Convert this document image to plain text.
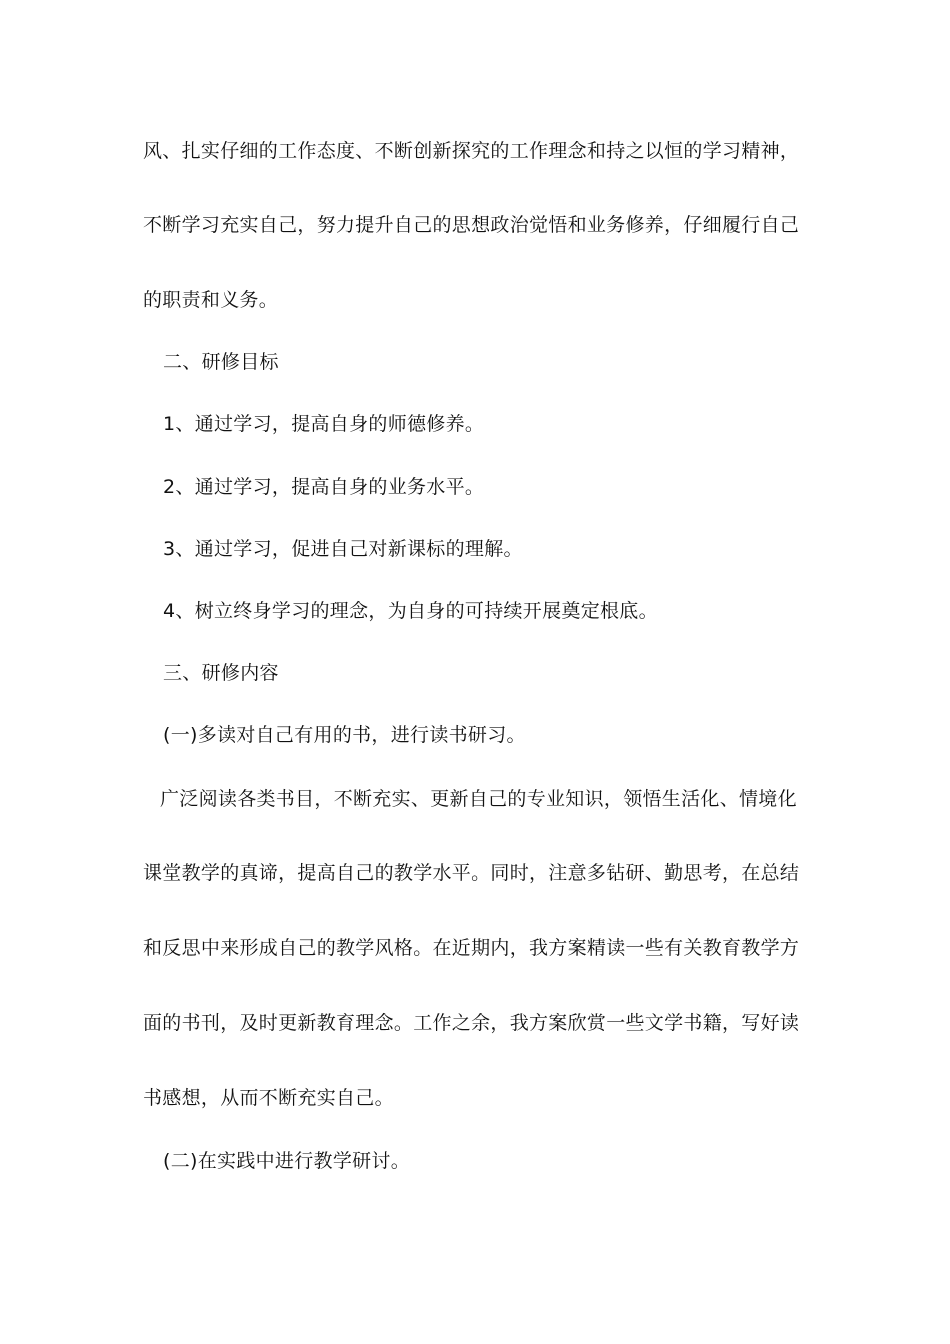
风、扎实仔细的工作态度、不断创新探究的工作理念和持之以恒的学习精神，
不断学习充实自己，努力提升自己的思想政治觉悟和业务修养，仔细履行自己
的职责和义务。
二、研修目标
1、通过学习，提高自身的师德修养。
2、通过学习，提高自身的业务水平。
3、通过学习，促进自己对新课标的理解。
4、树立终身学习的理念，为自身的可持续开展奠定根底。
三、研修内容
(一)多读对自己有用的书，进行读书研习。
广泛阅读各类书目，不断充实、更新自己的专业知识，领悟生活化、情境化
课堂教学的真谛，提高自己的教学水平。同时，注意多钻研、勤思考，在总结
和反思中来形成自己的教学风格。在近期内，我方案精读一些有关教育教学方
面的书刊，及时更新教育理念。工作之余，我方案欣赏一些文学书籍，写好读
书感想，从而不断充实自己。
(二)在实践中进行教学研讨。
